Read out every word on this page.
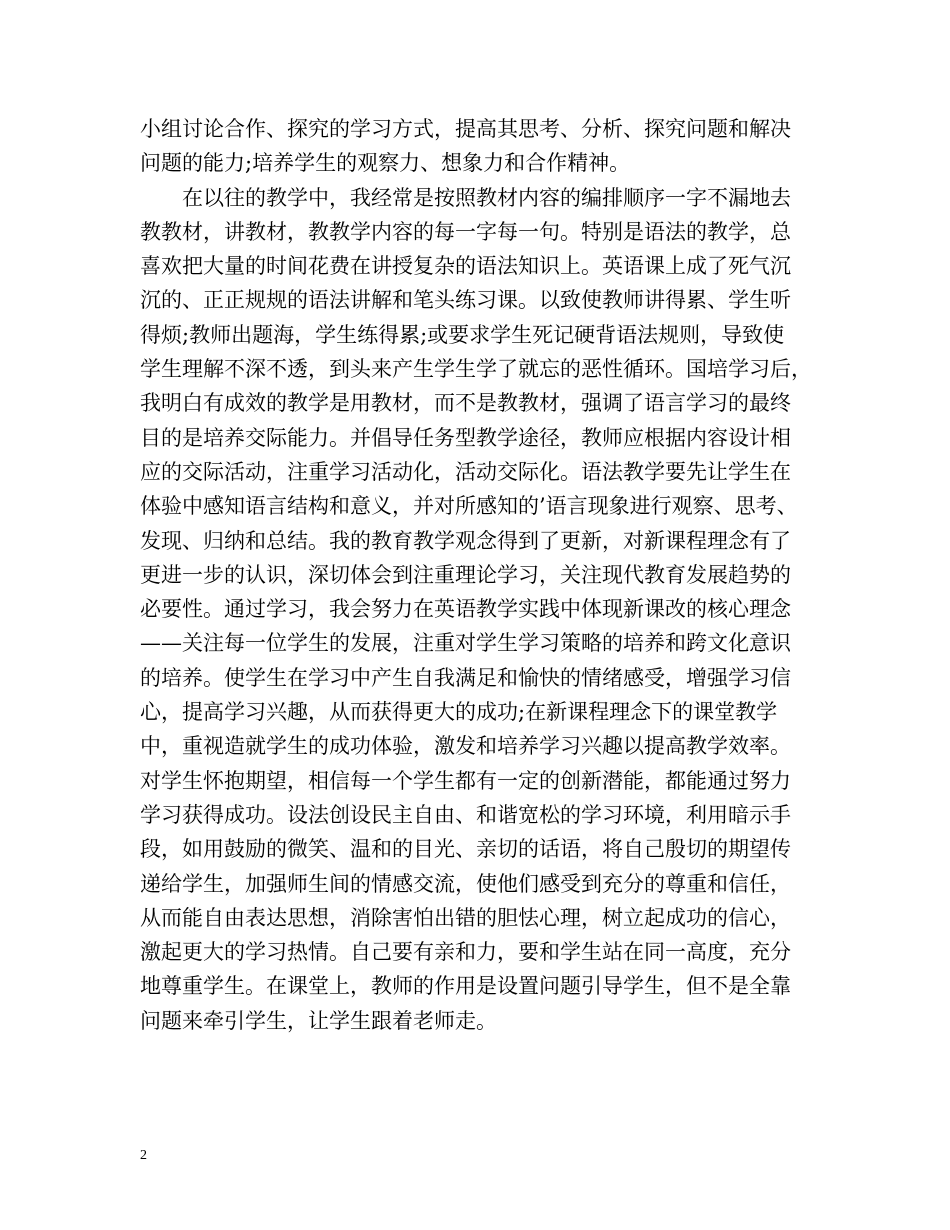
小组讨论合作、探究的学习方式，提高其思考、分析、探究问题和解决
问题的能力;培养学生的观察力、想象力和合作精神。
在以往的教学中，我经常是按照教材内容的编排顺序一字不漏地去
教教材，讲教材，教教学内容的每一字每一句。特别是语法的教学，总
喜欢把大量的时间花费在讲授复杂的语法知识上。英语课上成了死气沉
沉的、正正规规的语法讲解和笔头练习课。以致使教师讲得累、学生听
得烦;教师出题海，学生练得累;或要求学生死记硬背语法规则，导致使
学生理解不深不透，到头来产生学生学了就忘的恶性循环。国培学习后，
我明白有成效的教学是用教材，而不是教教材，强调了语言学习的最终
目的是培养交际能力。并倡导任务型教学途径，教师应根据内容设计相
应的交际活动，注重学习活动化，活动交际化。语法教学要先让学生在
体验中感知语言结构和意义，并对所感知的’语言现象进行观察、思考、
发现、归纳和总结。我的教育教学观念得到了更新，对新课程理念有了
更进一步的认识，深切体会到注重理论学习，关注现代教育发展趋势的
必要性。通过学习，我会努力在英语教学实践中体现新课改的核心理念
——关注每一位学生的发展，注重对学生学习策略的培养和跨文化意识
的培养。使学生在学习中产生自我满足和愉快的情绪感受，增强学习信
心，提高学习兴趣，从而获得更大的成功;在新课程理念下的课堂教学
中，重视造就学生的成功体验，激发和培养学习兴趣以提高教学效率。
对学生怀抱期望，相信每一个学生都有一定的创新潜能，都能通过努力
学习获得成功。设法创设民主自由、和谐宽松的学习环境，利用暗示手
段，如用鼓励的微笑、温和的目光、亲切的话语，将自己殷切的期望传
递给学生，加强师生间的情感交流，使他们感受到充分的尊重和信任，
从而能自由表达思想，消除害怕出错的胆怯心理，树立起成功的信心，
激起更大的学习热情。自己要有亲和力，要和学生站在同一高度，充分
地尊重学生。在课堂上，教师的作用是设置问题引导学生，但不是全靠
问题来牵引学生，让学生跟着老师走。
2
